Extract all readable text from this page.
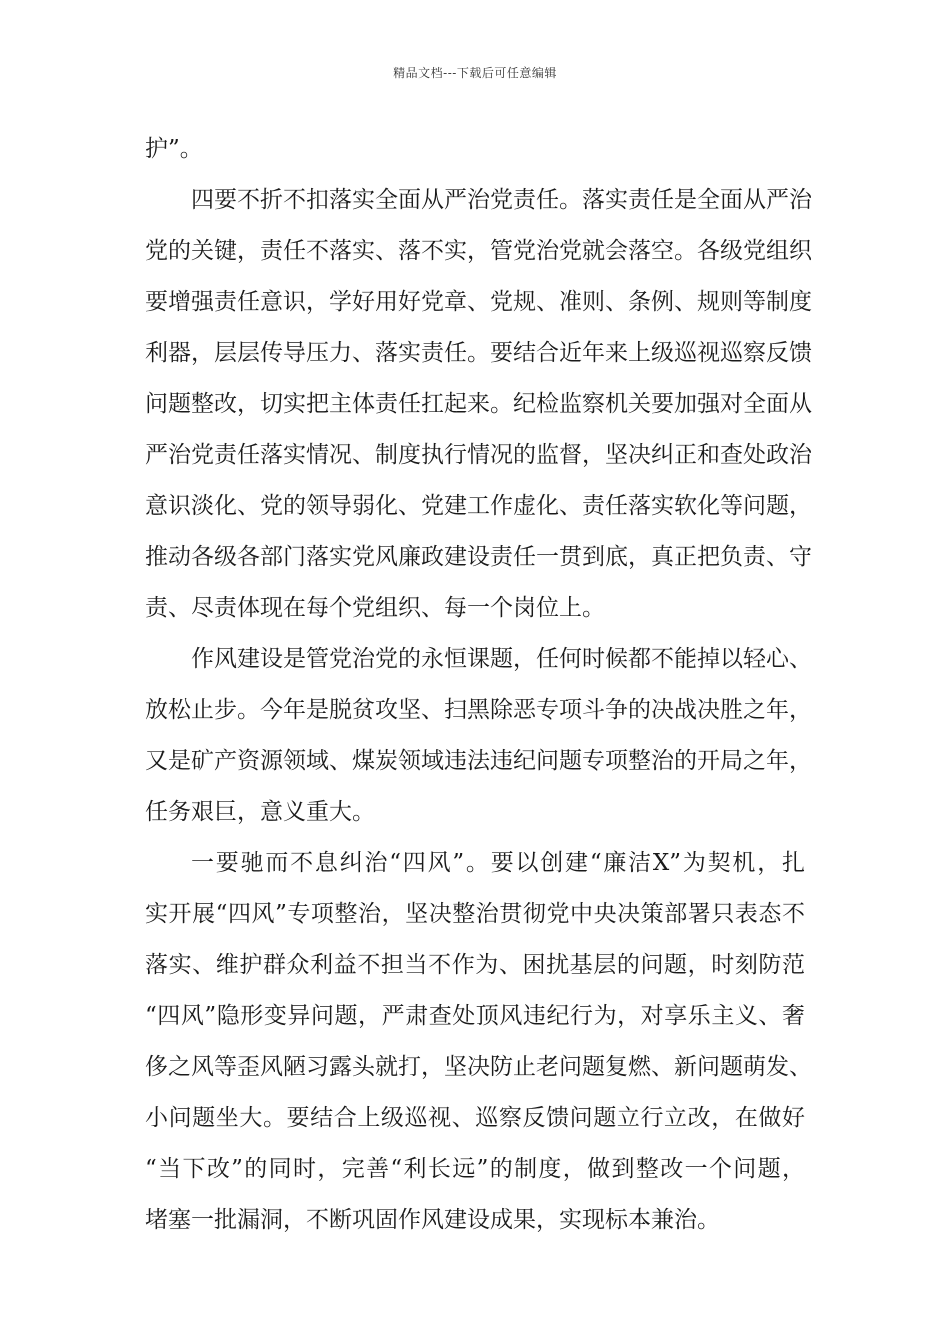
精品文档---下载后可任意编辑
护”。
四要不折不扣落实全面从严治党责任。落实责任是全面从严治
党的关键，责任不落实、落不实，管党治党就会落空。各级党组织
要增强责任意识，学好用好党章、党规、准则、条例、规则等制度
利器，层层传导压力、落实责任。要结合近年来上级巡视巡察反馈
问题整改，切实把主体责任扛起来。纪检监察机关要加强对全面从
严治党责任落实情况、制度执行情况的监督，坚决纠正和查处政治
意识淡化、党的领导弱化、党建工作虚化、责任落实软化等问题，
推动各级各部门落实党风廉政建设责任一贯到底，真正把负责、守
责、尽责体现在每个党组织、每一个岗位上。
作风建设是管党治党的永恒课题，任何时候都不能掉以轻心、
放松止步。今年是脱贫攻坚、扫黑除恶专项斗争的决战决胜之年，
又是矿产资源领域、煤炭领域违法违纪问题专项整治的开局之年，
任务艰巨，意义重大。
一要驰而不息纠治“四风”。要以创建“廉洁X”为契机，扎
实开展“四风”专项整治，坚决整治贯彻党中央决策部署只表态不
落实、维护群众利益不担当不作为、困扰基层的问题，时刻防范
“四风”隐形变异问题，严肃查处顶风违纪行为，对享乐主义、奢
侈之风等歪风陋习露头就打，坚决防止老问题复燃、新问题萌发、
小问题坐大。要结合上级巡视、巡察反馈问题立行立改，在做好
“当下改”的同时，完善“利长远”的制度，做到整改一个问题，
堵塞一批漏洞，不断巩固作风建设成果，实现标本兼治。
